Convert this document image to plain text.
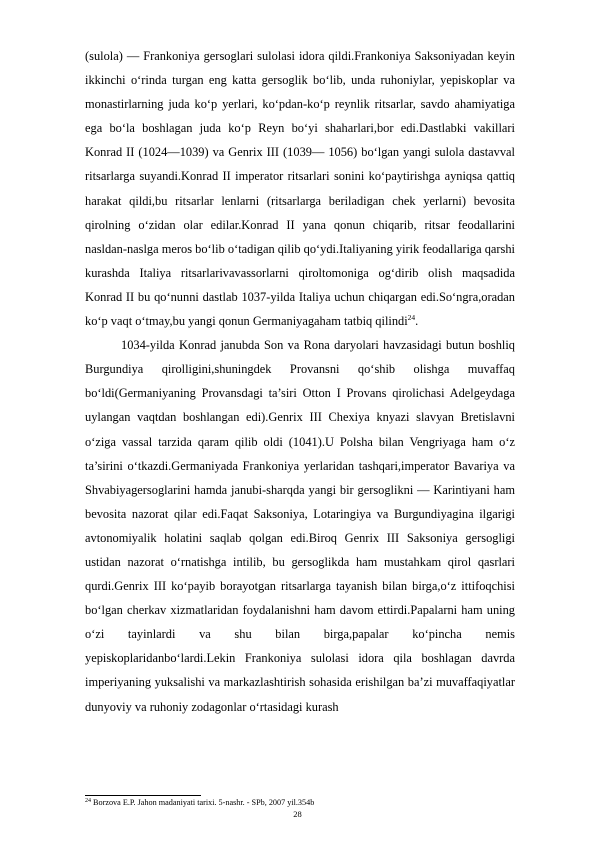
(sulola) — Frankoniya gersoglari sulolasi idora qildi.Frankoniya Saksoniyadan keyin ikkinchi o‘rinda turgan eng katta gersoglik bo‘lib, unda ruhoniylar, yepiskoplar va monastirlarning juda ko‘p yerlari, ko‘pdan-ko‘p reynlik ritsarlar, savdo ahamiyatiga ega bo‘la boshlagan juda ko‘p Reyn bo‘yi shaharlari,bor edi.Dastlabki vakillari Konrad II (1024—1039) va Genrix III (1039— 1056) bo‘lgan yangi sulola dastavval ritsarlarga suyandi.Konrad II imperator ritsarlari sonini ko‘paytirishga ayniqsa qattiq harakat qildi,bu ritsarlar lenlarni (ritsarlarga beriladigan chek yerlarni) bevosita qirolning o‘zidan olar edilar.Konrad II yana qonun chiqarib, ritsar feodallarini nasldan-naslga meros bo‘lib o‘tadigan qilib qo‘ydi.Italiyaning yirik feodallariga qarshi kurashda Italiya ritsarlarivavassorlarni qiroltomoniga og‘dirib olish maqsadida Konrad II bu qo‘nunni dastlab 1037-yilda Italiya uchun chiqargan edi.So‘ngra,oradan ko‘p vaqt o‘tmay,bu yangi qonun Germaniyagaham tatbiq qilindi$^{24}$.

1034-yilda Konrad janubda Son va Rona daryolari havzasidagi butun boshliq Burgundiya qirolligini,shuningdek Provansni qo‘shib olishga muvaffaq bo‘ldi(Germaniyaning Provansdagi ta’siri Otton I Provans qirolichasi Adelgeydaga uylangan vaqtdan boshlangan edi).Genrix III Chexiya knyazi slavyan Bretislavni o‘ziga vassal tarzida qaram qilib oldi (1041).U Polsha bilan Vengriyaga ham o‘z ta’sirini o‘tkazdi.Germaniyada Frankoniya yerlaridan tashqari,imperator Bavariya va Shvabiyagersoglarini hamda janubi-sharqda yangi bir gersoglikni — Karintiyani ham bevosita nazorat qilar edi.Faqat Saksoniya, Lotaringiya va Burgundiyagina ilgarigi avtonomiyalik holatini saqlab qolgan edi.Biroq Genrix III Saksoniya gersogligi ustidan nazorat o‘rnatishga intilib, bu gersoglikda ham mustahkam qirol qasrlari qurdi.Genrix III ko‘payib borayotgan ritsarlarga tayanish bilan birga,o‘z ittifoqchisi bo‘lgan cherkav xizmatlaridan foydalanishni ham davom ettirdi.Papalarni ham uning o‘zi tayinlardi va shu bilan birga,papalar ko‘pincha nemis yepiskoplaridanbo‘lardi.Lekin Frankoniya sulolasi idora qila boshlagan davrda imperiyaning yuksalishi va markazlashtirish sohasida erishilgan ba’zi muvaffaqiyatlar dunyoviy va ruhoniy zodagonlar o‘rtasidagi kurash

$^{24}$ Borzova E.P. Jahon madaniyati tarixi. 5-nashr. - SPb, 2007 yil.354b
28
